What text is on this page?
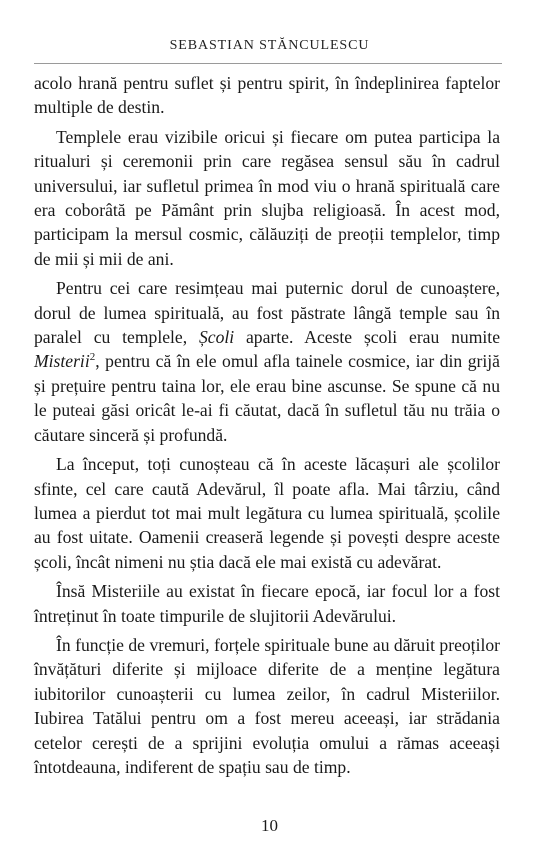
SEBASTIAN STĂNCULESCU

acolo hrană pentru suflet și pentru spirit, în îndeplinirea faptelor multiple de destin.

Templele erau vizibile oricui și fiecare om putea participa la ritualuri și ceremonii prin care regăsea sensul său în cadrul universului, iar sufletul primea în mod viu o hrană spirituală care era coborâtă pe Pământ prin slujba religioasă. În acest mod, participam la mersul cosmic, călăuziți de preoții templelor, timp de mii și mii de ani.

Pentru cei care resimțeau mai puternic dorul de cunoaștere, dorul de lumea spirituală, au fost păstrate lângă temple sau în paralel cu templele, Școli aparte. Aceste școli erau numite Misterii$^2$, pentru că în ele omul afla tainele cosmice, iar din grijă și prețuire pentru taina lor, ele erau bine ascunse. Se spune că nu le puteai găsi oricât le-ai fi căutat, dacă în sufletul tău nu trăia o căutare sinceră și profundă.

La început, toți cunoșteau că în aceste lăcașuri ale școlilor sfinte, cel care caută Adevărul, îl poate afla. Mai târziu, când lumea a pierdut tot mai mult legătura cu lumea spirituală, școlile au fost uitate. Oamenii creaseră legende și povești despre aceste școli, încât nimeni nu știa dacă ele mai există cu adevărat.

Însă Misteriile au existat în fiecare epocă, iar focul lor a fost întreținut în toate timpurile de slujitorii Adevărului.

În funcție de vremuri, forțele spirituale bune au dăruit preoților învățături diferite și mijloace diferite de a menține legătura iubitorilor cunoașterii cu lumea zeilor, în cadrul Misteriilor. Iubirea Tatălui pentru om a fost mereu aceeași, iar strădania cetelor cerești de a sprijini evoluția omului a rămas aceeași întotdeauna, indiferent de spațiu sau de timp.

10
